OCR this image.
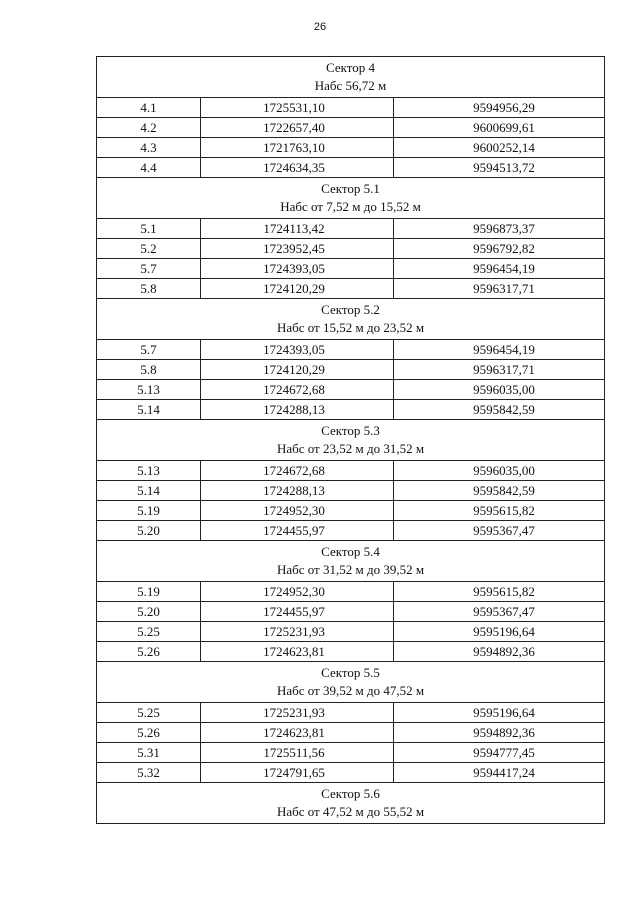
26
Сектор 4
Набс 56,72 м		

4.1	1725531,10	9594956,29
4.2	1722657,40	9600699,61
4.3	1721763,10	9600252,14
4.4	1724634,35	9594513,72

Сектор 5.1
Набс от 7,52 м до 15,52 м		

5.1	1724113,42	9596873,37
5.2	1723952,45	9596792,82
5.7	1724393,05	9596454,19
5.8	1724120,29	9596317,71

Сектор 5.2
Набс от 15,52 м до 23,52 м		

5.7	1724393,05	9596454,19
5.8	1724120,29	9596317,71
5.13	1724672,68	9596035,00
5.14	1724288,13	9595842,59

Сектор 5.3
Набс от 23,52 м до 31,52 м		

5.13	1724672,68	9596035,00
5.14	1724288,13	9595842,59
5.19	1724952,30	9595615,82
5.20	1724455,97	9595367,47

Сектор 5.4
Набс от 31,52 м до 39,52 м		

5.19	1724952,30	9595615,82
5.20	1724455,97	9595367,47
5.25	1725231,93	9595196,64
5.26	1724623,81	9594892,36

Сектор 5.5
Набс от 39,52 м до 47,52 м		

5.25	1725231,93	9595196,64
5.26	1724623,81	9594892,36
5.31	1725511,56	9594777,45
5.32	1724791,65	9594417,24

Сектор 5.6
Набс от 47,52 м до 55,52 м		
